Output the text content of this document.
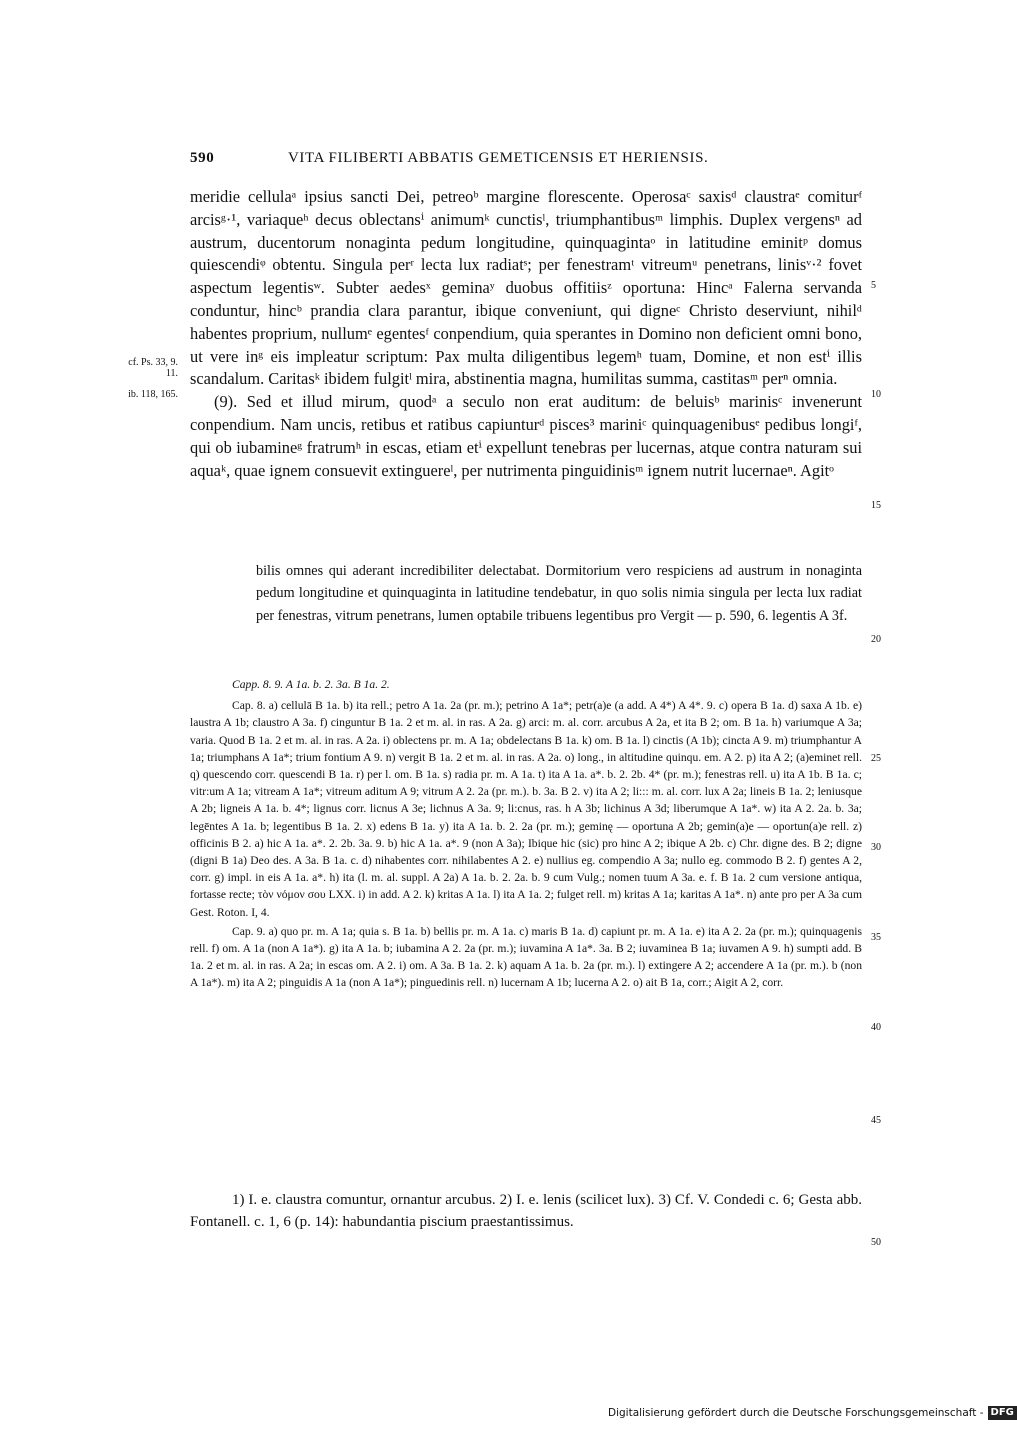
590	VITA FILIBERTI ABBATIS GEMETICENSIS ET HERIENSIS.

meridie cellulaᵃ ipsius sancti Dei, petreoᵇ margine florescente. Operosaᶜ saxisᵈ claustraᵉ comiturᶠ arcisᵍ·¹, variaqueʰ decus oblectansⁱ animumᵏ cunctisˡ, triumphantibusᵐ limphis. Duplex vergensⁿ ad austrum, ducentorum nonaginta pedum longitudine, quinquagintaᵒ in latitudine eminitᵖ domus quiescendiᵠ obtentu. Singula perʳ lecta lux radiatˢ; per fenestramᵗ vitreumᵘ penetrans, linisᵛ·² fovet aspectum legentisʷ. Subter aedesˣ geminaʸ duobus offitiisᶻ oportuna: Hincᵃ Falerna servanda conduntur, hincᵇ prandia clara parantur, ibique conveniunt, qui digneᶜ Christo deserviunt, nihilᵈ habentes proprium, nullumᵉ egentesᶠ conpendium, quia sperantes in Domino non deficient omni bono, ut vere inᵍ eis impleatur scriptum: Pax multa diligentibus legemʰ tuam, Domine, et non estⁱ illis scandalum. Caritasᵏ ibidem fulgitˡ mira, abstinentia magna, humilitas summa, castitasᵐ perⁿ omnia.

(9). Sed et illud mirum, quodᵃ a seculo non erat auditum: de beluisᵇ marinisᶜ invenerunt conpendium. Nam uncis, retibus et ratibus capiunturᵈ pisces³ mariniᶜ quinquagenibusᵉ pedibus longiᶠ, qui ob iubamineᵍ fratrumʰ in escas, etiam etⁱ expellunt tenebras per lucernas, atque contra naturam sui aquaᵏ, quae ignem consuevit extinguereˡ, per nutrimenta pinguidinisᵐ ignem nutrit lucernaeⁿ. Agitᵒ

cf. Ps. 33, 9. 11.
ib. 118, 165.
5
10
15
20
25
30
35
40
45
50

bilis omnes qui aderant incredibiliter delectabat. Dormitorium vero respiciens ad austrum in nonaginta pedum longitudine et quinquaginta in latitudine tendebatur, in quo solis nimia singula per lecta lux radiat per fenestras, vitrum penetrans, lumen optabile tribuens legentibus pro Vergit — p. 590, 6. legentis A 3f.

Capp. 8. 9. A 1a. b. 2. 3a. B 1a. 2.

Cap. 8. a) cellulā B 1a. b) ita rell.; petro A 1a. 2a (pr. m.); petrino A 1a*; petr(a)e (a add. A 4*) A 4*. 9. c) opera B 1a. d) saxa A 1b. e) laustra A 1b; claustro A 3a. f) cinguntur B 1a. 2 et m. al. in ras. A 2a. g) arci: m. al. corr. arcubus A 2a, et ita B 2; om. B 1a. h) variumque A 3a; varia. Quod B 1a. 2 et m. al. in ras. A 2a. i) oblectens pr. m. A 1a; obdelectans B 1a. k) om. B 1a. l) cinctis (A 1b); cincta A 9. m) triumphantur A 1a; triumphans A 1a*; trium fontium A 9. n) vergit B 1a. 2 et m. al. in ras. A 2a. o) long., in altitudine quinqu. em. A 2. p) ita A 2; (a)eminet rell. q) quescendo corr. quescendi B 1a. r) per l. om. B 1a. s) radia pr. m. A 1a. t) ita A 1a. a*. b. 2. 2b. 4* (pr. m.); fenestras rell. u) ita A 1b. B 1a. c; vitr:um A 1a; vitream A 1a*; vitreum aditum A 9; vitrum A 2. 2a (pr. m.). b. 3a. B 2. v) ita A 2; li::: m. al. corr. lux A 2a; lineis B 1a. 2; leniusque A 2b; ligneis A 1a. b. 4*; lignus corr. licnus A 3e; lichnus A 3a. 9; li:cnus, ras. h A 3b; lichinus A 3d; liberumque A 1a*. w) ita A 2. 2a. b. 3a; legēntes A 1a. b; legentibus B 1a. 2. x) edens B 1a. y) ita A 1a. b. 2. 2a (pr. m.); geminę — oportuna A 2b; gemin(a)e — oportun(a)e rell. z) officinis B 2. a) hic A 1a. a*. 2. 2b. 3a. 9. b) hic A 1a. a*. 9 (non A 3a); Ibique hic (sic) pro hinc A 2; ibique A 2b. c) Chr. digne des. B 2; digne (digni B 1a) Deo des. A 3a. B 1a. c. d) nihabentes corr. nihilabentes A 2. e) nullius eg. compendio A 3a; nullo eg. commodo B 2. f) gentes A 2, corr. g) impl. in eis A 1a. a*. h) ita (l. m. al. suppl. A 2a) A 1a. b. 2. 2a. b. 9 cum Vulg.; nomen tuum A 3a. e. f. B 1a. 2 cum versione antiqua, fortasse recte; τὸν νόμον σου LXX. i) in add. A 2. k) kritas A 1a. l) ita A 1a. 2; fulget rell. m) kritas A 1a; karitas A 1a*. n) ante pro per A 3a cum Gest. Roton. I, 4.

Cap. 9. a) quo pr. m. A 1a; quia s. B 1a. b) bellis pr. m. A 1a. c) maris B 1a. d) capiunt pr. m. A 1a. e) ita A 2. 2a (pr. m.); quinquagenis rell. f) om. A 1a (non A 1a*). g) ita A 1a. b; iubamina A 2. 2a (pr. m.); iuvamina A 1a*. 3a. B 2; iuvaminea B 1a; iuvamen A 9. h) sumpti add. B 1a. 2 et m. al. in ras. A 2a; in escas om. A 2. i) om. A 3a. B 1a. 2. k) aquam A 1a. b. 2a (pr. m.). l) extingere A 2; accendere A 1a (pr. m.). b (non A 1a*). m) ita A 2; pinguidis A 1a (non A 1a*); pinguedinis rell. n) lucernam A 1b; lucerna A 2. o) ait B 1a, corr.; Aigit A 2, corr.

1) I. e. claustra comuntur, ornantur arcubus. 2) I. e. lenis (scilicet lux). 3) Cf. V. Condedi c. 6; Gesta abb. Fontanell. c. 1, 6 (p. 14): habundantia piscium praestantissimus.

Digitalisierung gefördert durch die Deutsche Forschungsgemeinschaft - DFG
